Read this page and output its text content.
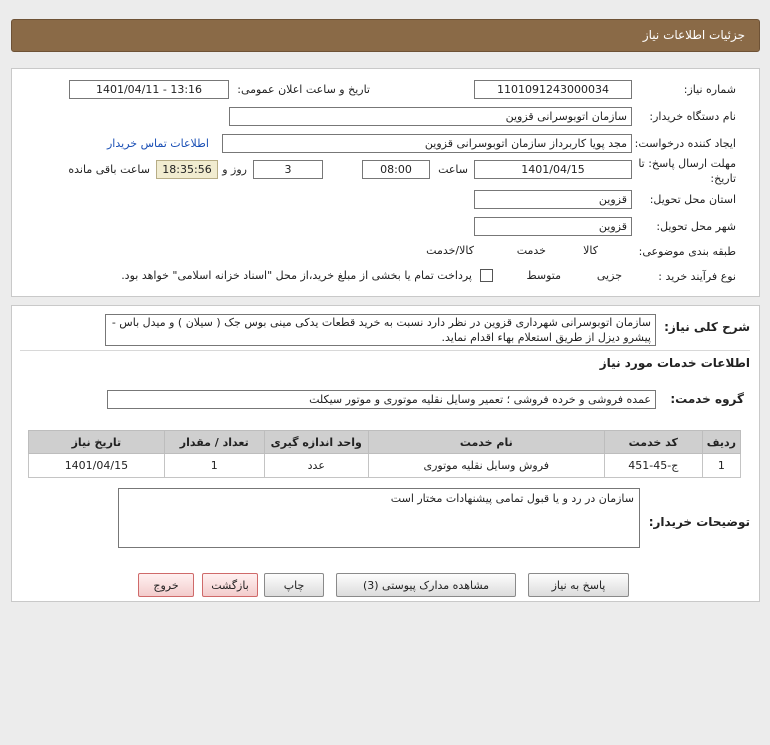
جزئیات اطلاعات نیاز
شماره نیاز:
1101091243000034
تاریخ و ساعت اعلان عمومی:
1401/04/11 - 13:16
نام دستگاه خریدار:
سازمان اتوبوسرانی قزوین
ایجاد کننده درخواست:
مجد پویا کاربرداز سازمان اتوبوسرانی قزوین
اطلاعات تماس خریدار
مهلت ارسال پاسخ: تا
تاریخ:
1401/04/15
ساعت
08:00
3
روز و
18:35:56
ساعت باقی مانده
استان محل تحویل:
قزوین
شهر محل تحویل:
قزوین
طبقه بندی موضوعی:

کالا

خدمت

کالا/خدمت
نوع فرآیند خرید :

جزیی
متوسط
پرداخت تمام یا بخشی از مبلغ خرید،از محل "اسناد خزانه اسلامی" خواهد بود.
شرح کلی نیاز:
سازمان اتوبوسرانی شهرداری قزوین در نظر دارد نسبت به خرید قطعات یدکی مینی بوس جک ( سیلان ) و میدل باس - پیشرو دیزل از طریق استعلام بهاء اقدام نماید.
اطلاعات خدمات مورد نیاز
گروه خدمت:
عمده فروشی و خرده فروشی ؛ تعمیر وسایل نقلیه موتوری و موتور سیکلت
ردیف	کد خدمت	نام خدمت	واحد اندازه گیری	تعداد / مقدار	تاریخ نیاز
1	ج-45-451	فروش وسایل نقلیه موتوری	عدد	1	1401/04/15
توضیحات خریدار:
سازمان در رد و یا قبول تمامی پیشنهادات مختار است
پاسخ به نیاز
مشاهده مدارک پیوستی (3)
چاپ
بازگشت
خروج
